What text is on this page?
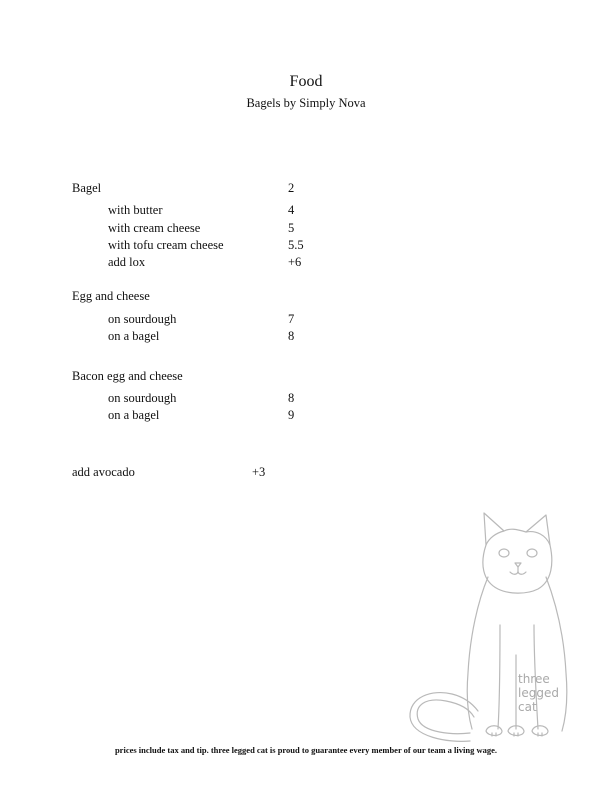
Food
Bagels by Simply Nova
Bagel	2
with butter	4
with cream cheese	5
with tofu cream cheese	5.5
add lox	+6
Egg and cheese
on sourdough	7
on a bagel	8
Bacon egg and cheese
on sourdough	8
on a bagel	9
add avocado	+3
three
legged
cat
prices include tax and tip. three legged cat is proud to guarantee every member of our team a living wage.
